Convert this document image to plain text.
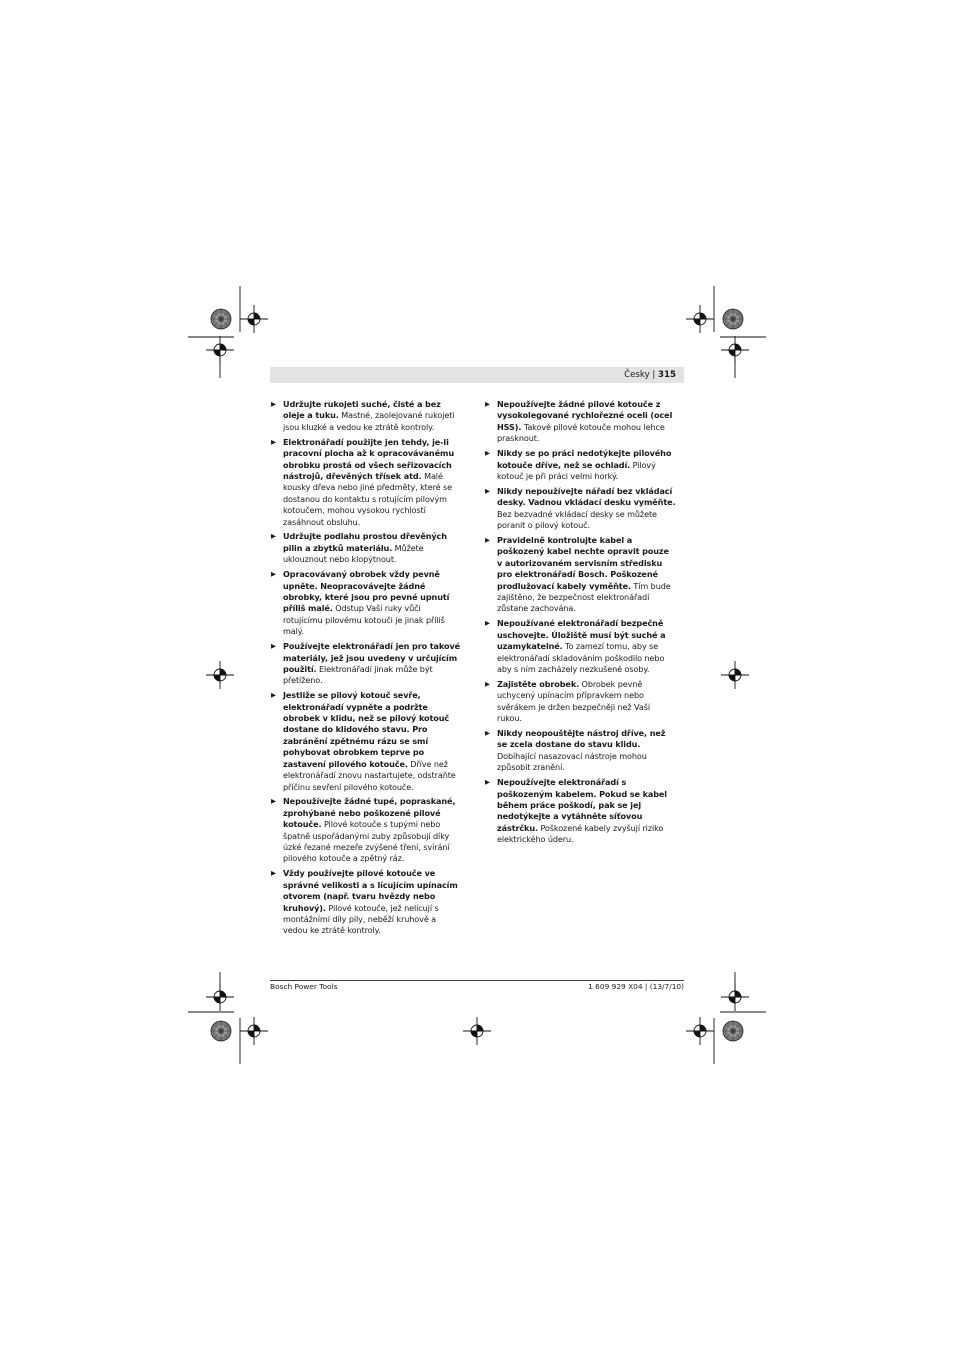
Česky | 315
▶ Udržujte rukojeti suché, čisté a bez oleje a tuku. Mastné, zaolejované rukojeti jsou kluzké a vedou ke ztrátě kontroly.
▶ Elektronářadí použijte jen tehdy, je-li pracovní plocha až k opracovávanému obrobku prostá od všech seřizovacích nástrojů, dřevěných třísek atd. Malé kousky dřeva nebo jiné předměty, které se dostanou do kontaktu s rotujícím pilovým kotoučem, mohou vysokou rychlostí zasáhnout obsluhu.
▶ Udržujte podlahu prostou dřevěných pilin a zbytků materiálu. Můžete uklouznout nebo klopýtnout.
▶ Opracovávaný obrobek vždy pevně upněte. Neopracovávejte žádné obrobky, které jsou pro pevné upnutí příliš malé. Odstup Vaší ruky vůči rotujícímu pilovému kotouči je jinak příliš malý.
▶ Používejte elektronářadí jen pro takové materiály, jež jsou uvedeny v určujícím použití. Elektronářadí jinak může být přetíženo.
▶ Jestliže se pilový kotouč sevře, elektronářadí vypněte a podržte obrobek v klidu, než se pilový kotouč dostane do klidového stavu. Pro zabránění zpětnému rázu se smí pohybovat obrobkem teprve po zastavení pilového kotouče. Dříve než elektronářadí znovu nastartujete, odstraňte příčinu sevření pilového kotouče.
▶ Nepoužívejte žádné tupé, popraskané, zprohýbané nebo poškozené pilové kotouče. Pilové kotouče s tupými nebo špatně uspořádanými zuby způsobují díky úzké řezané mezeře zvýšené tření, svírání pilového kotouče a zpětný ráz.
▶ Vždy používejte pilové kotouče ve správné velikosti a s lícujícím upínacím otvorem (např. tvaru hvězdy nebo kruhový). Pilové kotouče, jež nelícují s montážními díly pily, neběží kruhově a vedou ke ztrátě kontroly.
▶ Nepoužívejte žádné pilové kotouče z vysokolegované rychlořezné oceli (ocel HSS). Takové pilové kotouče mohou lehce prasknout.
▶ Nikdy se po práci nedotýkejte pilového kotouče dříve, než se ochladí. Pilový kotouč je při práci velmi horký.
▶ Nikdy nepoužívejte nářadí bez vkládací desky. Vadnou vkládací desku vyměňte. Bez bezvadné vkládací desky se můžete poranit o pilový kotouč.
▶ Pravidelně kontrolujte kabel a poškozený kabel nechte opravit pouze v autorizovaném servisním středisku pro elektronářadí Bosch. Poškozené prodlužovací kabely vyměňte. Tím bude zajištěno, že bezpečnost elektronářadí zůstane zachována.
▶ Nepoužívané elektronářadí bezpečně uschovejte. Úložiště musí být suché a uzamykatelné. To zamezí tomu, aby se elektronářadí skladováním poškodilo nebo aby s ním zacházely nezkušené osoby.
▶ Zajistěte obrobek. Obrobek pevně uchycený upínacím přípravkem nebo svěrákem je držen bezpečněji než Vaší rukou.
▶ Nikdy neopouštějte nástroj dříve, než se zcela dostane do stavu klidu. Dobíhající nasazovací nástroje mohou způsobit zranění.
▶ Nepoužívejte elektronářadí s poškozeným kabelem. Pokud se kabel během práce poškodí, pak se jej nedotýkejte a vytáhněte síťovou zástrčku. Poškozené kabely zvyšují riziko elektrického úderu.
Bosch Power Tools	1 609 929 X04 | (13/7/10)
